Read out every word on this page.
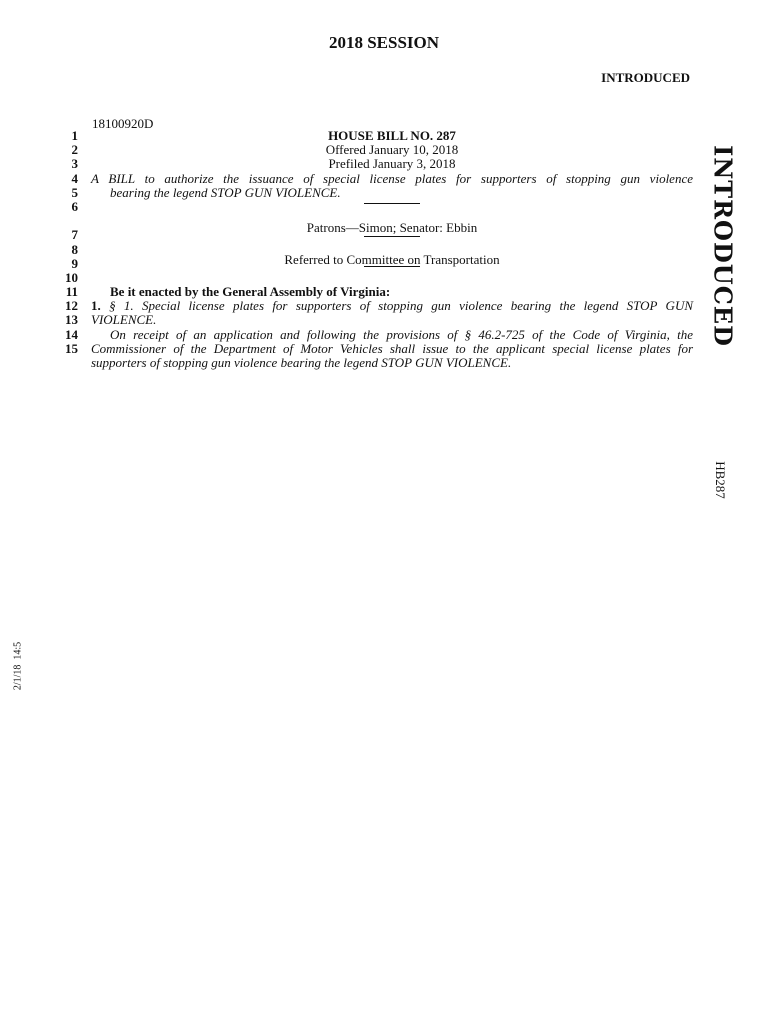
2018 SESSION
INTRODUCED
18100920D
1
2
3
4
5
6
7
8
9
10
11
12
13
14
15
HOUSE BILL NO. 287
Offered January 10, 2018
Prefiled January 3, 2018
A BILL to authorize the issuance of special license plates for supporters of stopping gun violence
bearing the legend STOP GUN VIOLENCE.
Patrons—Simon; Senator: Ebbin
Referred to Committee on Transportation
Be it enacted by the General Assembly of Virginia:
1. § 1. Special license plates for supporters of stopping gun violence bearing the legend STOP GUN
VIOLENCE.
On receipt of an application and following the provisions of § 46.2-725 of the Code of Virginia, the
Commissioner of the Department of Motor Vehicles shall issue to the applicant special license plates for
supporters of stopping gun violence bearing the legend STOP GUN VIOLENCE.
INTRODUCED
HB287
2/1/18  14:5
